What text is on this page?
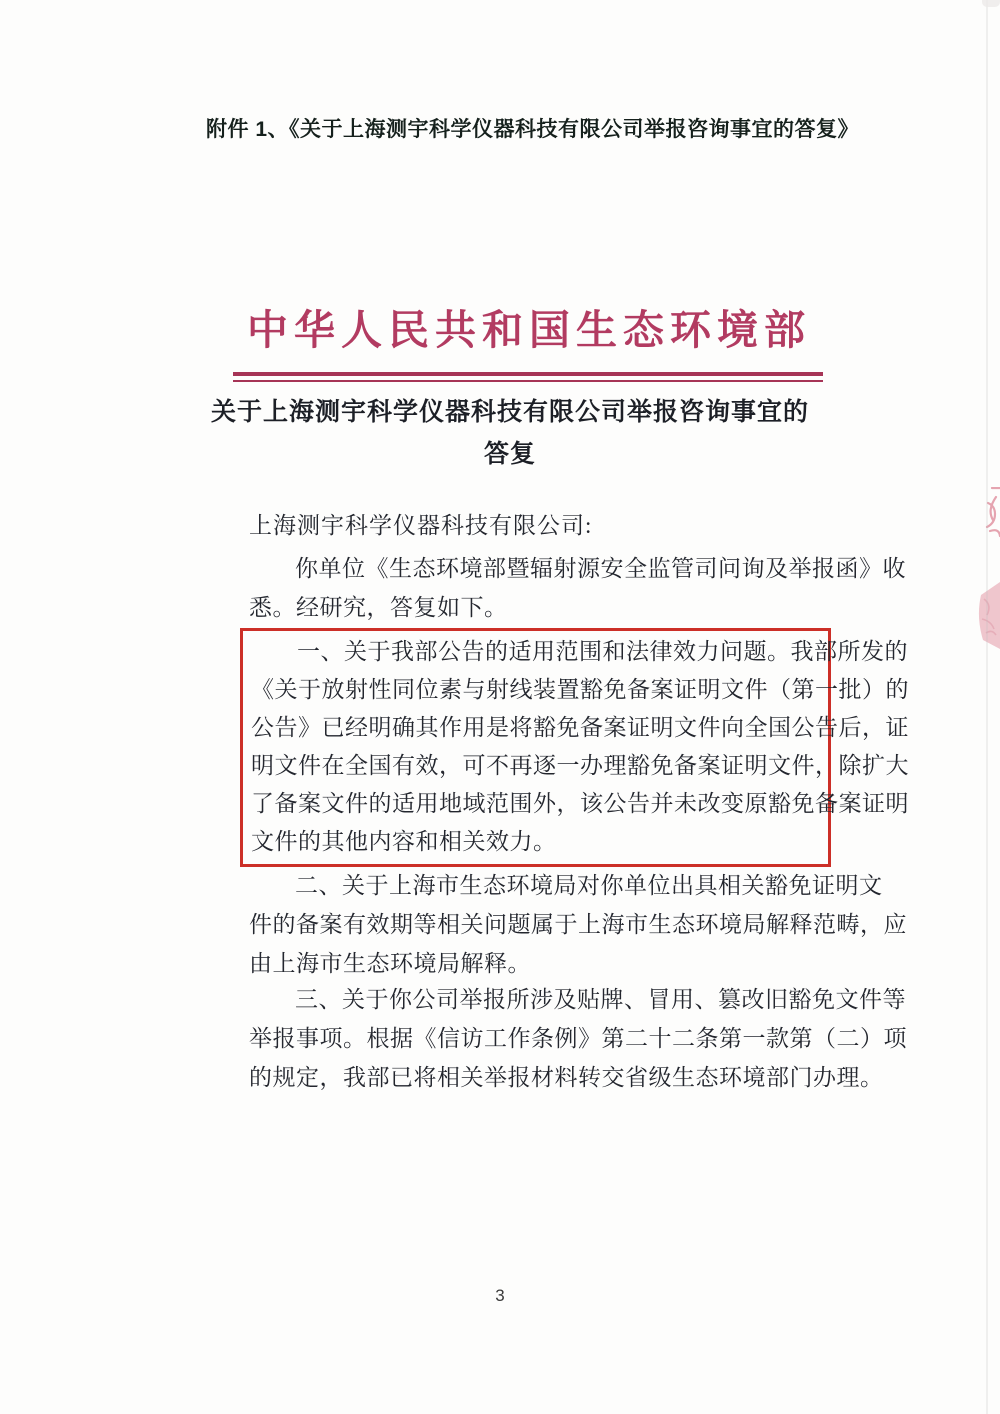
附件 1、《关于上海测宇科学仪器科技有限公司举报咨询事宜的答复》
中华人民共和国生态环境部
关于上海测宇科学仪器科技有限公司举报咨询事宜的
答复
上海测宇科学仪器科技有限公司:
你单位《生态环境部暨辐射源安全监管司问询及举报函》收
悉。经研究，答复如下。
一、关于我部公告的适用范围和法律效力问题。我部所发的
《关于放射性同位素与射线装置豁免备案证明文件（第一批）的
公告》已经明确其作用是将豁免备案证明文件向全国公告后，证
明文件在全国有效，可不再逐一办理豁免备案证明文件，除扩大
了备案文件的适用地域范围外，该公告并未改变原豁免备案证明
文件的其他内容和相关效力。
二、关于上海市生态环境局对你单位出具相关豁免证明文
件的备案有效期等相关问题属于上海市生态环境局解释范畴，应
由上海市生态环境局解释。
三、关于你公司举报所涉及贴牌、冒用、篡改旧豁免文件等
举报事项。根据《信访工作条例》第二十二条第一款第（二）项
的规定，我部已将相关举报材料转交省级生态环境部门办理。
3
